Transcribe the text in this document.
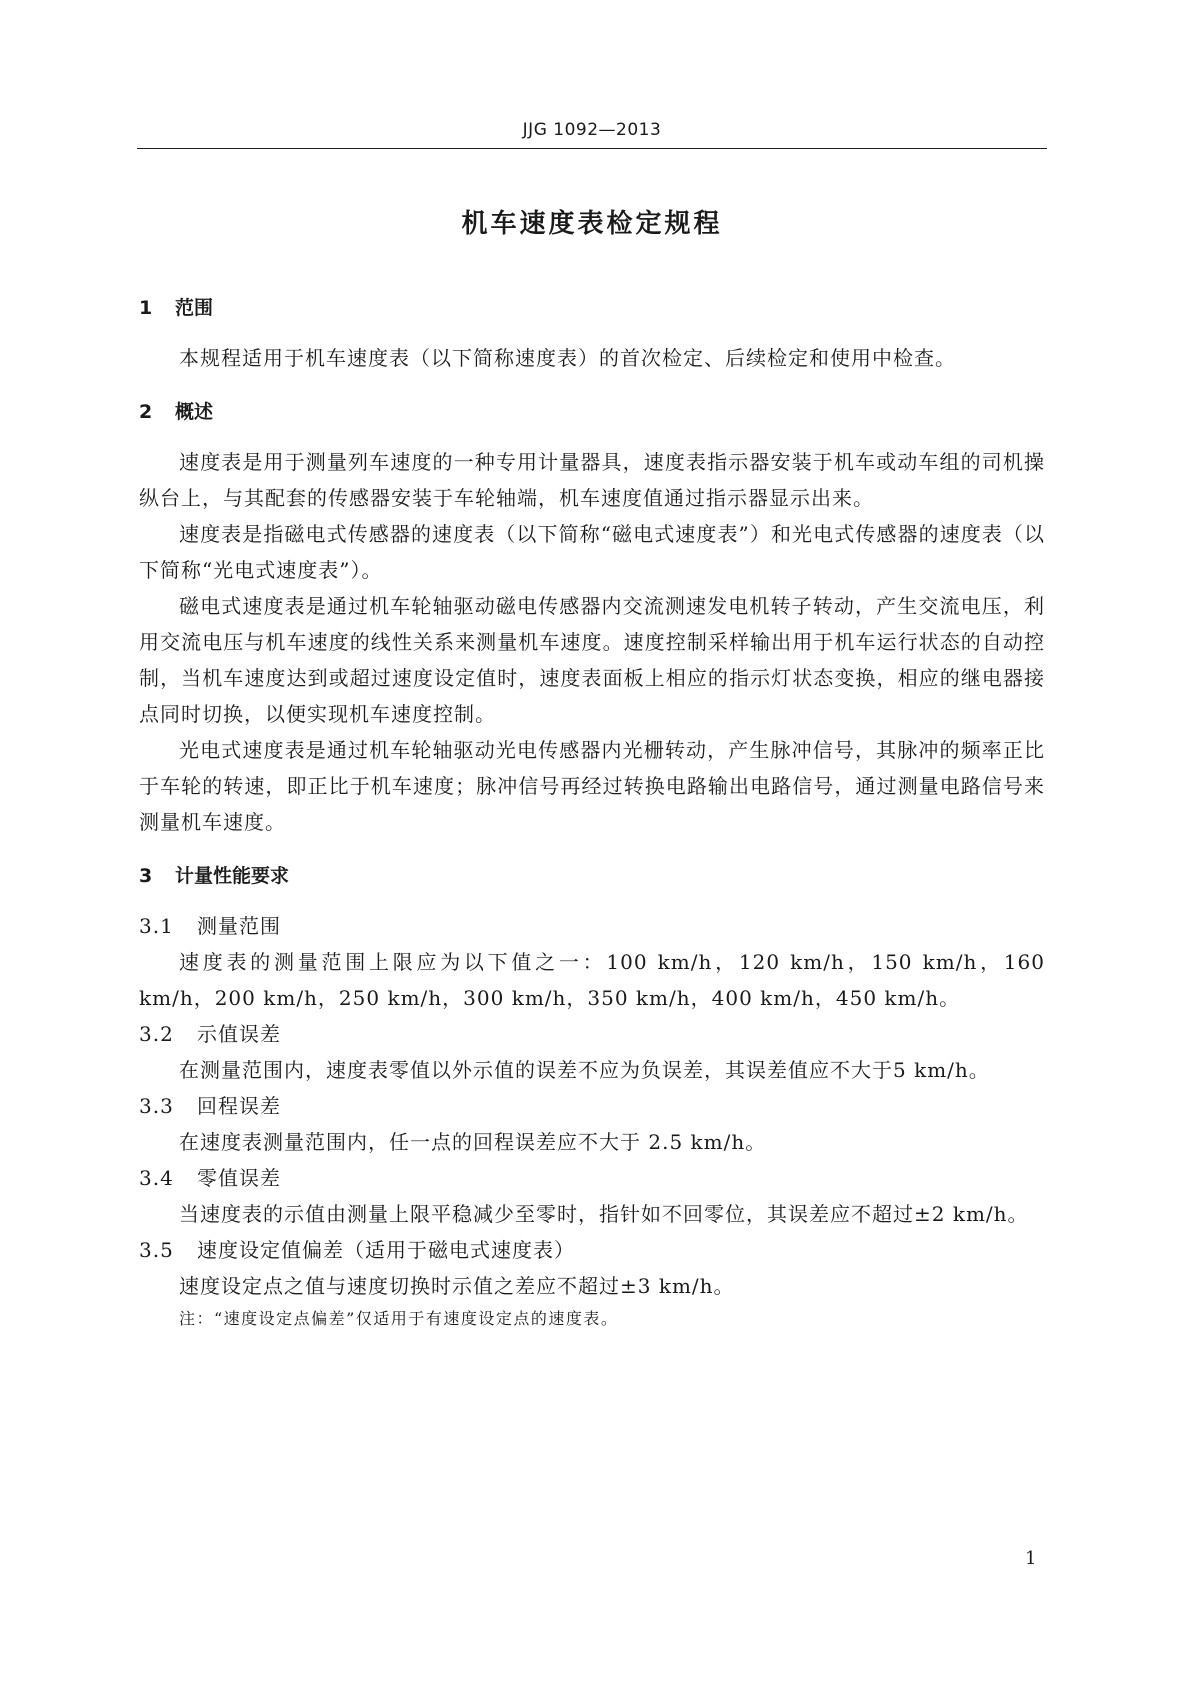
JJG 1092—2013
机车速度表检定规程
1 范围

本规程适用于机车速度表（以下简称速度表）的首次检定、后续检定和使用中检查。

2 概述

速度表是用于测量列车速度的一种专用计量器具，速度表指示器安装于机车或动车组的司机操纵台上，与其配套的传感器安装于车轮轴端，机车速度值通过指示器显示出来。

速度表是指磁电式传感器的速度表（以下简称“磁电式速度表”）和光电式传感器的速度表（以下简称“光电式速度表”）。

磁电式速度表是通过机车轮轴驱动磁电传感器内交流测速发电机转子转动，产生交流电压，利用交流电压与机车速度的线性关系来测量机车速度。速度控制采样输出用于机车运行状态的自动控制，当机车速度达到或超过速度设定值时，速度表面板上相应的指示灯状态变换，相应的继电器接点同时切换，以便实现机车速度控制。

光电式速度表是通过机车轮轴驱动光电传感器内光栅转动，产生脉冲信号，其脉冲的频率正比于车轮的转速，即正比于机车速度；脉冲信号再经过转换电路输出电路信号，通过测量电路信号来测量机车速度。

3 计量性能要求
3.1 测量范围

速度表的测量范围上限应为以下值之一：100 km/h，120 km/h，150 km/h，160 km/h，200 km/h，250 km/h，300 km/h，350 km/h，400 km/h，450 km/h。

3.2 示值误差

在测量范围内，速度表零值以外示值的误差不应为负误差，其误差值应不大于5 km/h。

3.3 回程误差

在速度表测量范围内，任一点的回程误差应不大于 2.5 km/h。

3.4 零值误差

当速度表的示值由测量上限平稳减少至零时，指针如不回零位，其误差应不超过±2 km/h。

3.5 速度设定值偏差（适用于磁电式速度表）

速度设定点之值与速度切换时示值之差应不超过±3 km/h。

注：“速度设定点偏差”仅适用于有速度设定点的速度表。

1
